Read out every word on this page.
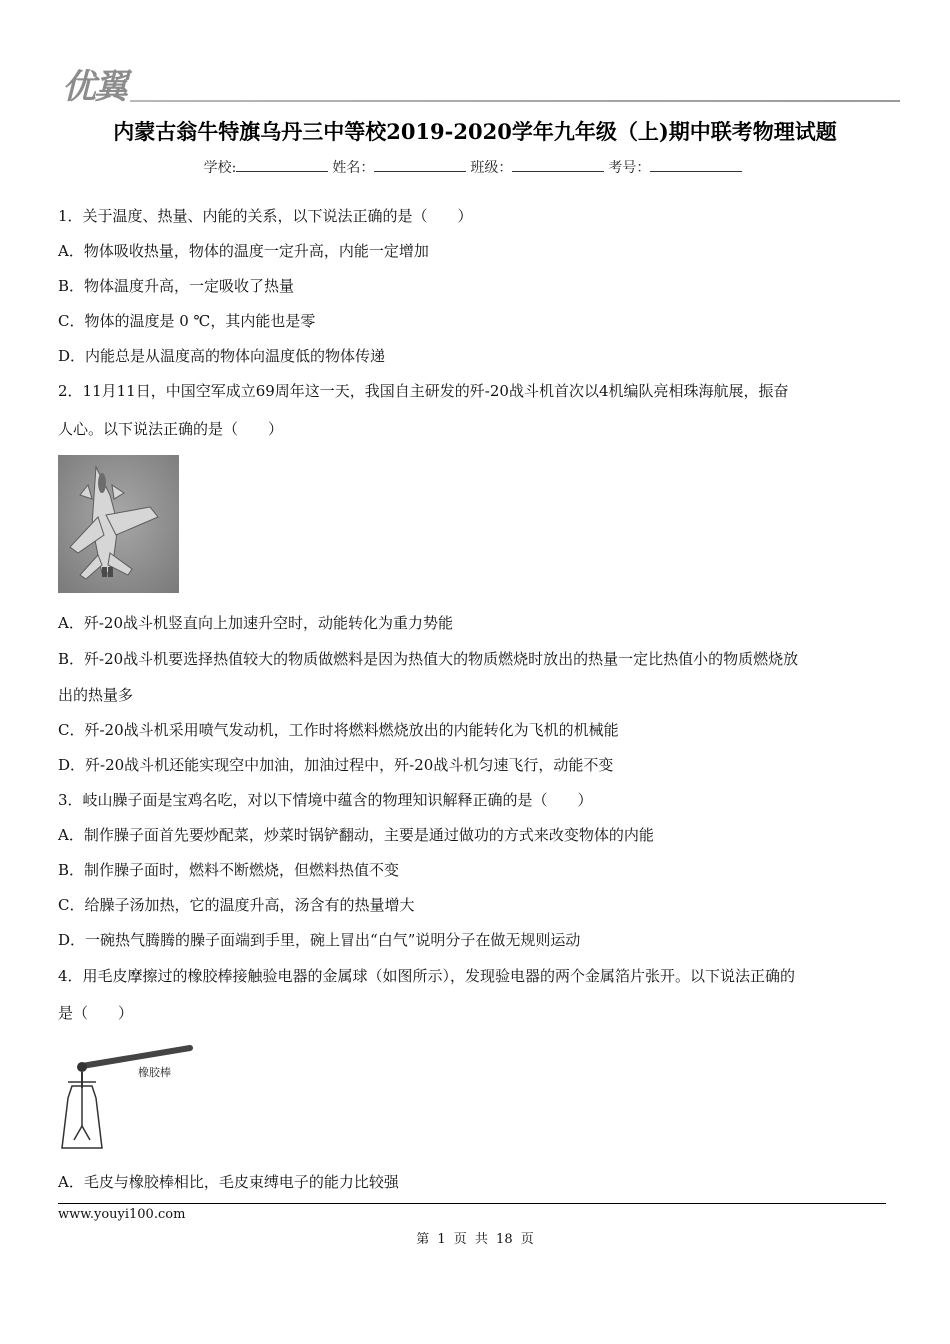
优翼
内蒙古翁牛特旗乌丹三中等校2019-2020学年九年级（上)期中联考物理试题
学校:	姓名：	班级：	考号：
1．关于温度、热量、内能的关系，以下说法正确的是（　　）
A．物体吸收热量，物体的温度一定升高，内能一定增加
B．物体温度升高，一定吸收了热量
C．物体的温度是 0 ℃，其内能也是零
D．内能总是从温度高的物体向温度低的物体传递
2．11月11日，中国空军成立69周年这一天，我国自主研发的歼-20战斗机首次以4机编队亮相珠海航展，振奋
人心。以下说法正确的是（　　）
A．歼-20战斗机竖直向上加速升空时，动能转化为重力势能
B．歼-20战斗机要选择热值较大的物质做燃料是因为热值大的物质燃烧时放出的热量一定比热值小的物质燃烧放
出的热量多
C．歼-20战斗机采用喷气发动机，工作时将燃料燃烧放出的内能转化为飞机的机械能
D．歼-20战斗机还能实现空中加油，加油过程中，歼-20战斗机匀速飞行，动能不变
3．岐山臊子面是宝鸡名吃，对以下情境中蕴含的物理知识解释正确的是（　　）
A．制作臊子面首先要炒配菜，炒菜时锅铲翻动，主要是通过做功的方式来改变物体的内能
B．制作臊子面时，燃料不断燃烧，但燃料热值不变
C．给臊子汤加热，它的温度升高，汤含有的热量增大
D．一碗热气腾腾的臊子面端到手里，碗上冒出“白气”说明分子在做无规则运动
4．用毛皮摩擦过的橡胶棒接触验电器的金属球（如图所示），发现验电器的两个金属箔片张开。以下说法正确的
是（　　）
橡胶棒
A．毛皮与橡胶棒相比，毛皮束缚电子的能力比较强
www.youyi100.com
第 1 页 共 18 页
